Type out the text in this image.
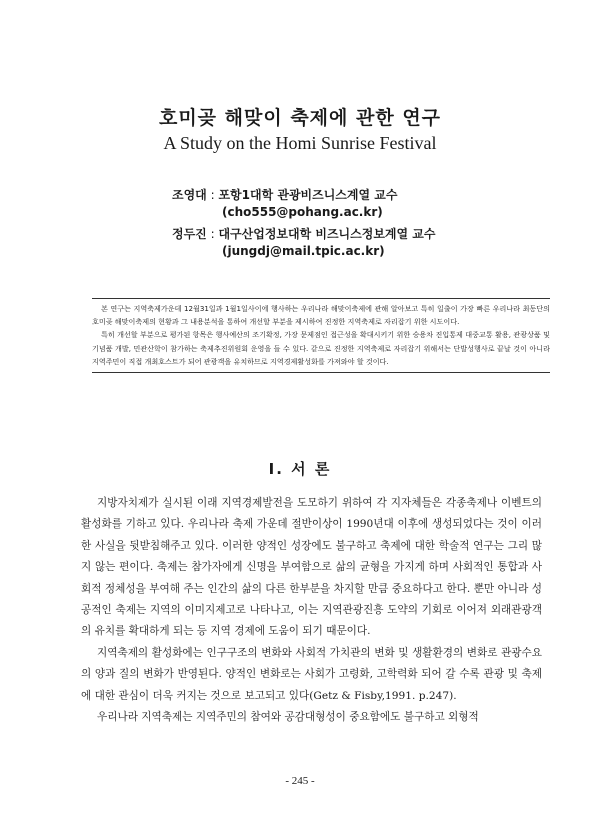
호미곶 해맞이 축제에 관한 연구
A Study on the Homi Sunrise Festival
조영대 : 포항1대학 관광비즈니스계열 교수
(cho555@pohang.ac.kr)
정두진 : 대구산업정보대학 비즈니스정보계열 교수
(jungdj@mail.tpic.ac.kr)

본 연구는 지역축제가운데 12월31일과 1월1일사이에 행사하는 우리나라 해맞이축제에 관해 알아보고 특히 일출이 가장 빠른 우리나라 최동단의 호미곶 해맞이축제의 현황과 그 내용분석을 통하여 개선할 부분을 제시하여 진정한 지역축제로 자리잡기 위한 시도이다.

특히 개선할 부분으로 평가된 항목은 행사예산의 조기확정, 가장 문제점인 접근성을 확대시키기 위한 승용차 진입통제 대중교통 활용, 관광상품 및 기념품 개발, 민관산학이 참가하는 축제추진위원회 운영을 들 수 있다. 같으로 진정한 지역축제로 자리잡기 위해서는 단발성행사로 끝날 것이 아니라 지역주민이 직접 개최호스트가 되어 관광객을 유치하므로 지역경제활성화를 가져와야 할 것이다.

Ⅰ. 서 론

지방자치제가 실시된 이래 지역경제발전을 도모하기 위하여 각 지자체들은 각종축제나 이벤트의 활성화를 기하고 있다. 우리나라 축제 가운데 절반이상이 1990년대 이후에 생성되었다는 것이 이러한 사실을 뒷받침해주고 있다. 이러한 양적인 성장에도 불구하고 축제에 대한 학술적 연구는 그리 많지 않는 편이다. 축제는 참가자에게 신명을 부여함으로 삶의 균형을 가지게 하며 사회적인 통합과 사회적 정체성을 부여해 주는 인간의 삶의 다른 한부분을 차지할 만큼 중요하다고 한다. 뿐만 아니라 성공적인 축제는 지역의 이미지제고로 나타나고, 이는 지역관광진흥 도약의 기회로 이어져 외래관광객의 유치를 확대하게 되는 등 지역 경제에 도움이 되기 때문이다.

지역축제의 활성화에는 인구구조의 변화와 사회적 가치관의 변화 및 생활환경의 변화로 관광수요의 양과 질의 변화가 반영된다. 양적인 변화로는 사회가 고령화, 고학력화 되어 갈 수록 관광 및 축제에 대한 관심이 더욱 커지는 것으로 보고되고 있다(Getz & Fisby,1991. p.247).

우리나라 지역축제는 지역주민의 참여와 공감대형성이 중요함에도 불구하고 외형적

- 245 -
